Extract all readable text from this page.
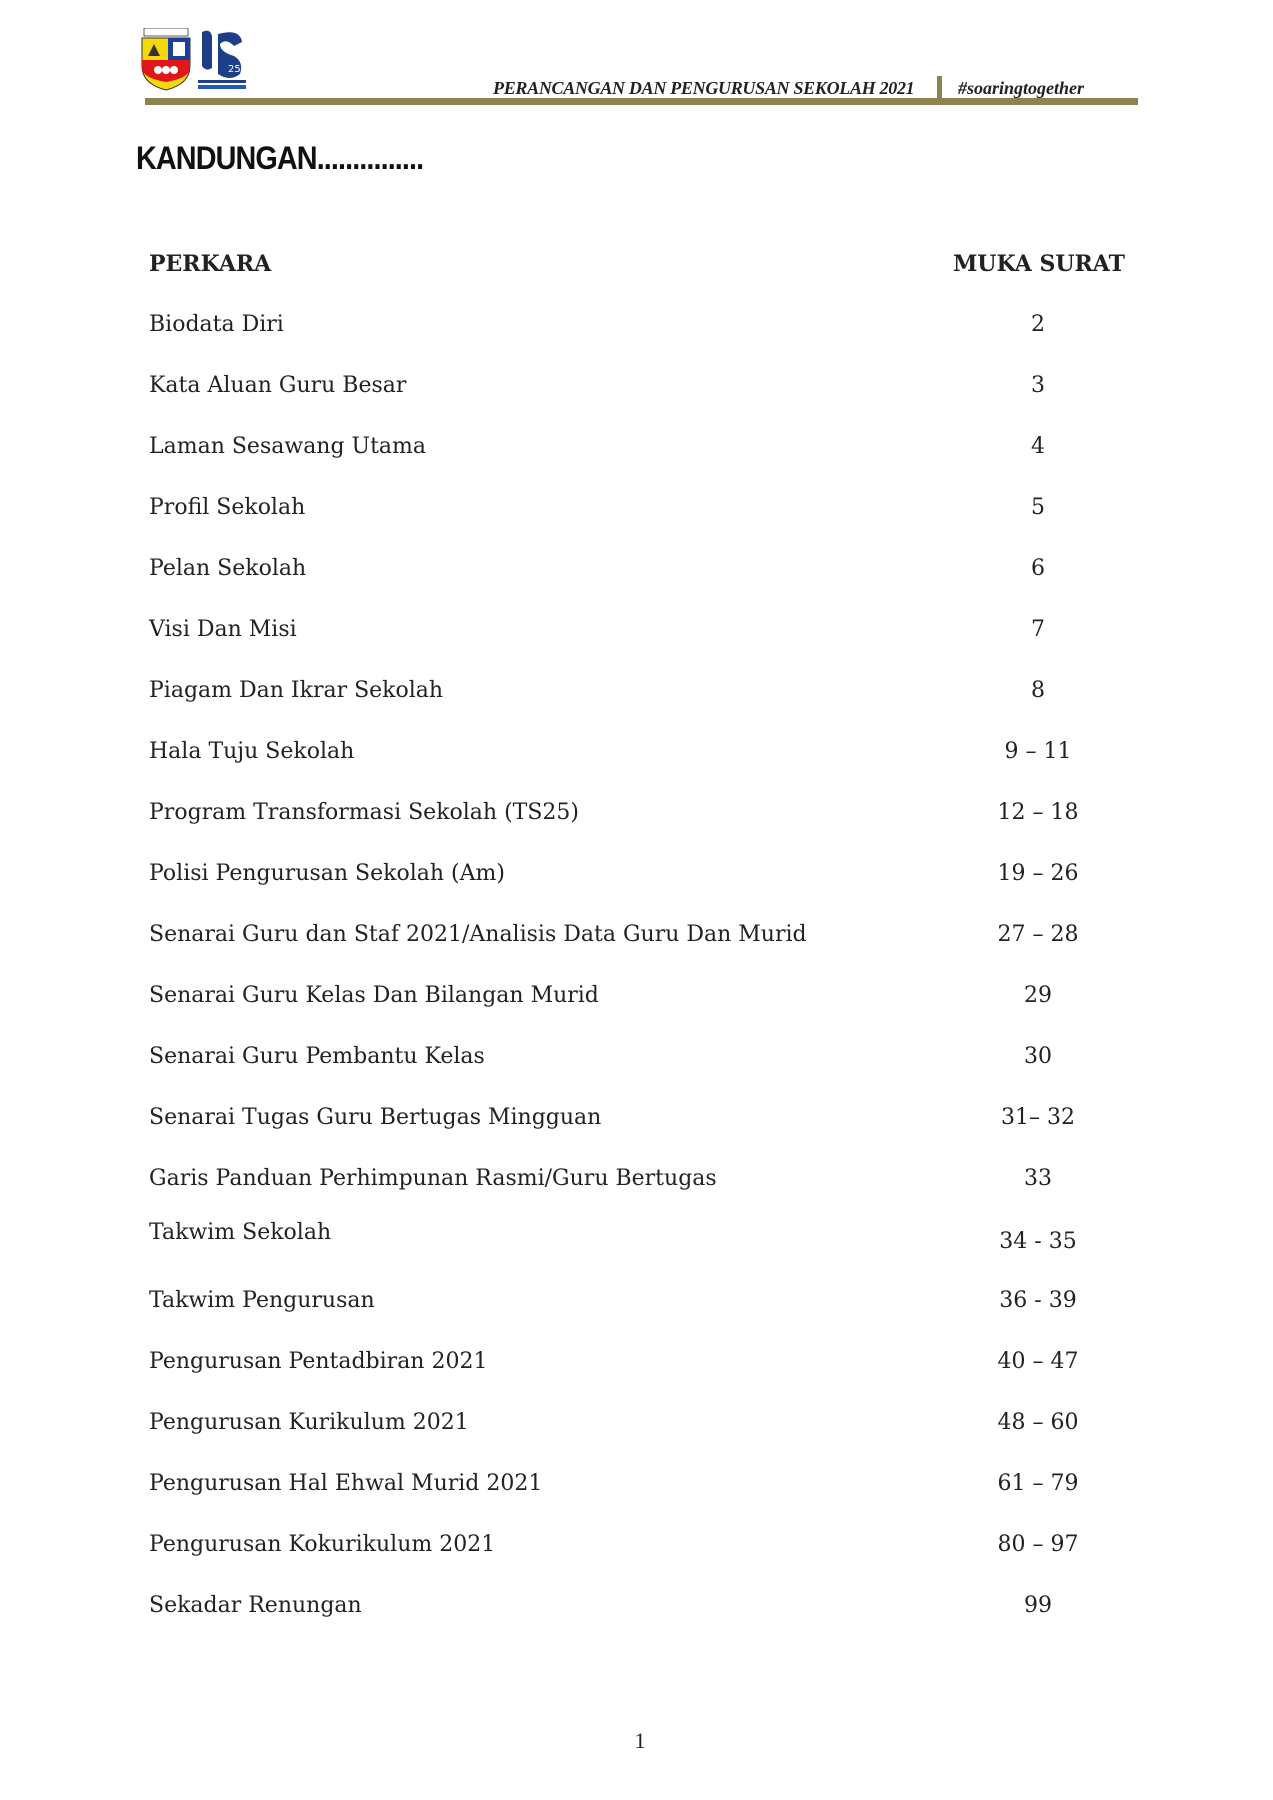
25
PERANCANGAN DAN PENGURUSAN SEKOLAH 2021 #soaringtogether
KANDUNGAN...............
PERKARA	MUKA SURAT
Biodata Diri	2
Kata Aluan Guru Besar	3
Laman Sesawang Utama	4
Profil Sekolah	5
Pelan Sekolah	6
Visi Dan Misi	7
Piagam Dan Ikrar Sekolah	8
Hala Tuju Sekolah	9 – 11
Program Transformasi Sekolah (TS25)	12 – 18
Polisi Pengurusan Sekolah (Am)	19 – 26
Senarai Guru dan Staf 2021/Analisis Data Guru Dan Murid	27 – 28
Senarai Guru Kelas Dan Bilangan Murid	29
Senarai Guru Pembantu Kelas	30
Senarai Tugas Guru Bertugas Mingguan	31– 32
Garis Panduan Perhimpunan Rasmi/Guru Bertugas	33
Takwim Sekolah	34 - 35
Takwim Pengurusan	36 - 39
Pengurusan Pentadbiran 2021	40 – 47
Pengurusan Kurikulum 2021	48 – 60
Pengurusan Hal Ehwal Murid 2021	61 – 79
Pengurusan Kokurikulum 2021	80 – 97
Sekadar Renungan	99
1
